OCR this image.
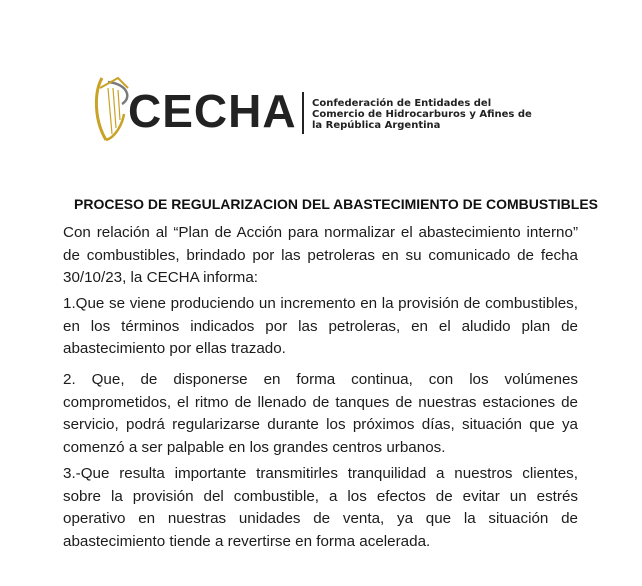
CECHA Confederación de Entidades del Comercio de Hidrocarburos y Afines de la República Argentina
PROCESO DE REGULARIZACION DEL ABASTECIMIENTO DE COMBUSTIBLES
Con relación al “Plan de Acción para normalizar el abastecimiento interno” de combustibles, brindado por las petroleras en su comunicado de fecha 30/10/23, la CECHA informa:
1.Que se viene produciendo un incremento en la provisión de combustibles, en los términos indicados por las petroleras, en el aludido plan de abastecimiento por ellas trazado.
2. Que, de disponerse en forma continua, con los volúmenes comprometidos, el ritmo de llenado de tanques de nuestras estaciones de servicio, podrá regularizarse durante los próximos días, situación que ya comenzó a ser palpable en los grandes centros urbanos.
3.-Que resulta importante transmitirles tranquilidad a nuestros clientes, sobre la provisión del combustible, a los efectos de evitar un estrés operativo en nuestras unidades de venta, ya que la situación de abastecimiento tiende a revertirse en forma acelerada.
